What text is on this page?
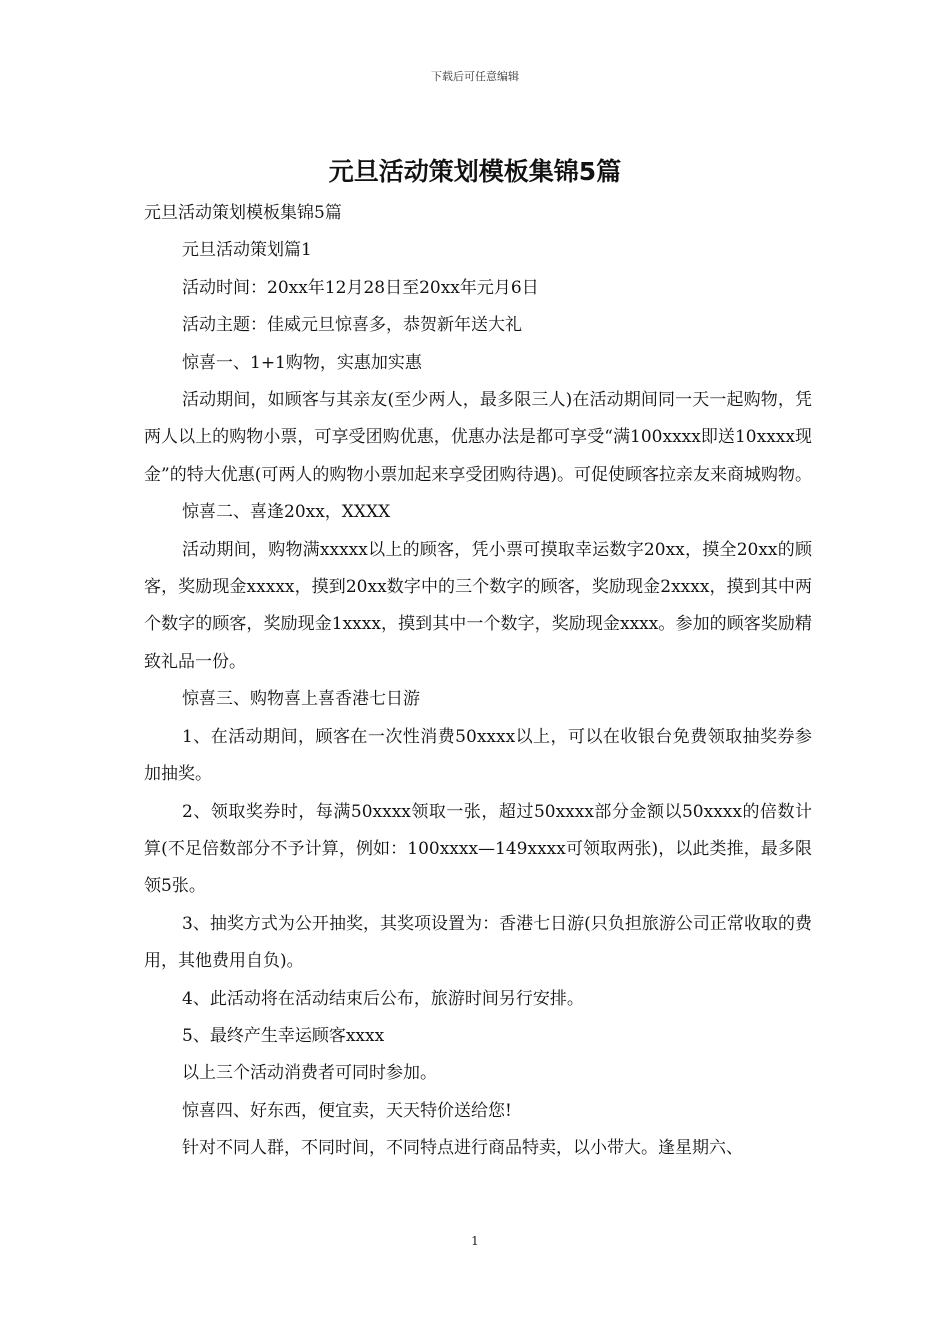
下载后可任意编辑
元旦活动策划模板集锦5篇

元旦活动策划模板集锦5篇

元旦活动策划篇1

活动时间：20xx年12月28日至20xx年元月6日

活动主题：佳威元旦惊喜多，恭贺新年送大礼

惊喜一、1+1购物，实惠加实惠

活动期间，如顾客与其亲友(至少两人，最多限三人)在活动期间同一天一起购物，凭两人以上的购物小票，可享受团购优惠，优惠办法是都可享受“满100xxxx即送10xxxx现金”的特大优惠(可两人的购物小票加起来享受团购待遇)。可促使顾客拉亲友来商城购物。

惊喜二、喜逢20xx，XXXX

活动期间，购物满xxxxx以上的顾客，凭小票可摸取幸运数字20xx，摸全20xx的顾客，奖励现金xxxxx，摸到20xx数字中的三个数字的顾客，奖励现金2xxxx，摸到其中两个数字的顾客，奖励现金1xxxx，摸到其中一个数字，奖励现金xxxx。参加的顾客奖励精致礼品一份。

惊喜三、购物喜上喜香港七日游

1、在活动期间，顾客在一次性消费50xxxx以上，可以在收银台免费领取抽奖券参加抽奖。

2、领取奖券时，每满50xxxx领取一张，超过50xxxx部分金额以50xxxx的倍数计算(不足倍数部分不予计算，例如：100xxxx—149xxxx可领取两张)，以此类推，最多限领5张。

3、抽奖方式为公开抽奖，其奖项设置为：香港七日游(只负担旅游公司正常收取的费用，其他费用自负)。

4、此活动将在活动结束后公布，旅游时间另行安排。

5、最终产生幸运顾客xxxx

以上三个活动消费者可同时参加。

惊喜四、好东西，便宜卖，天天特价送给您!

针对不同人群，不同时间，不同特点进行商品特卖，以小带大。逢星期六、

1
